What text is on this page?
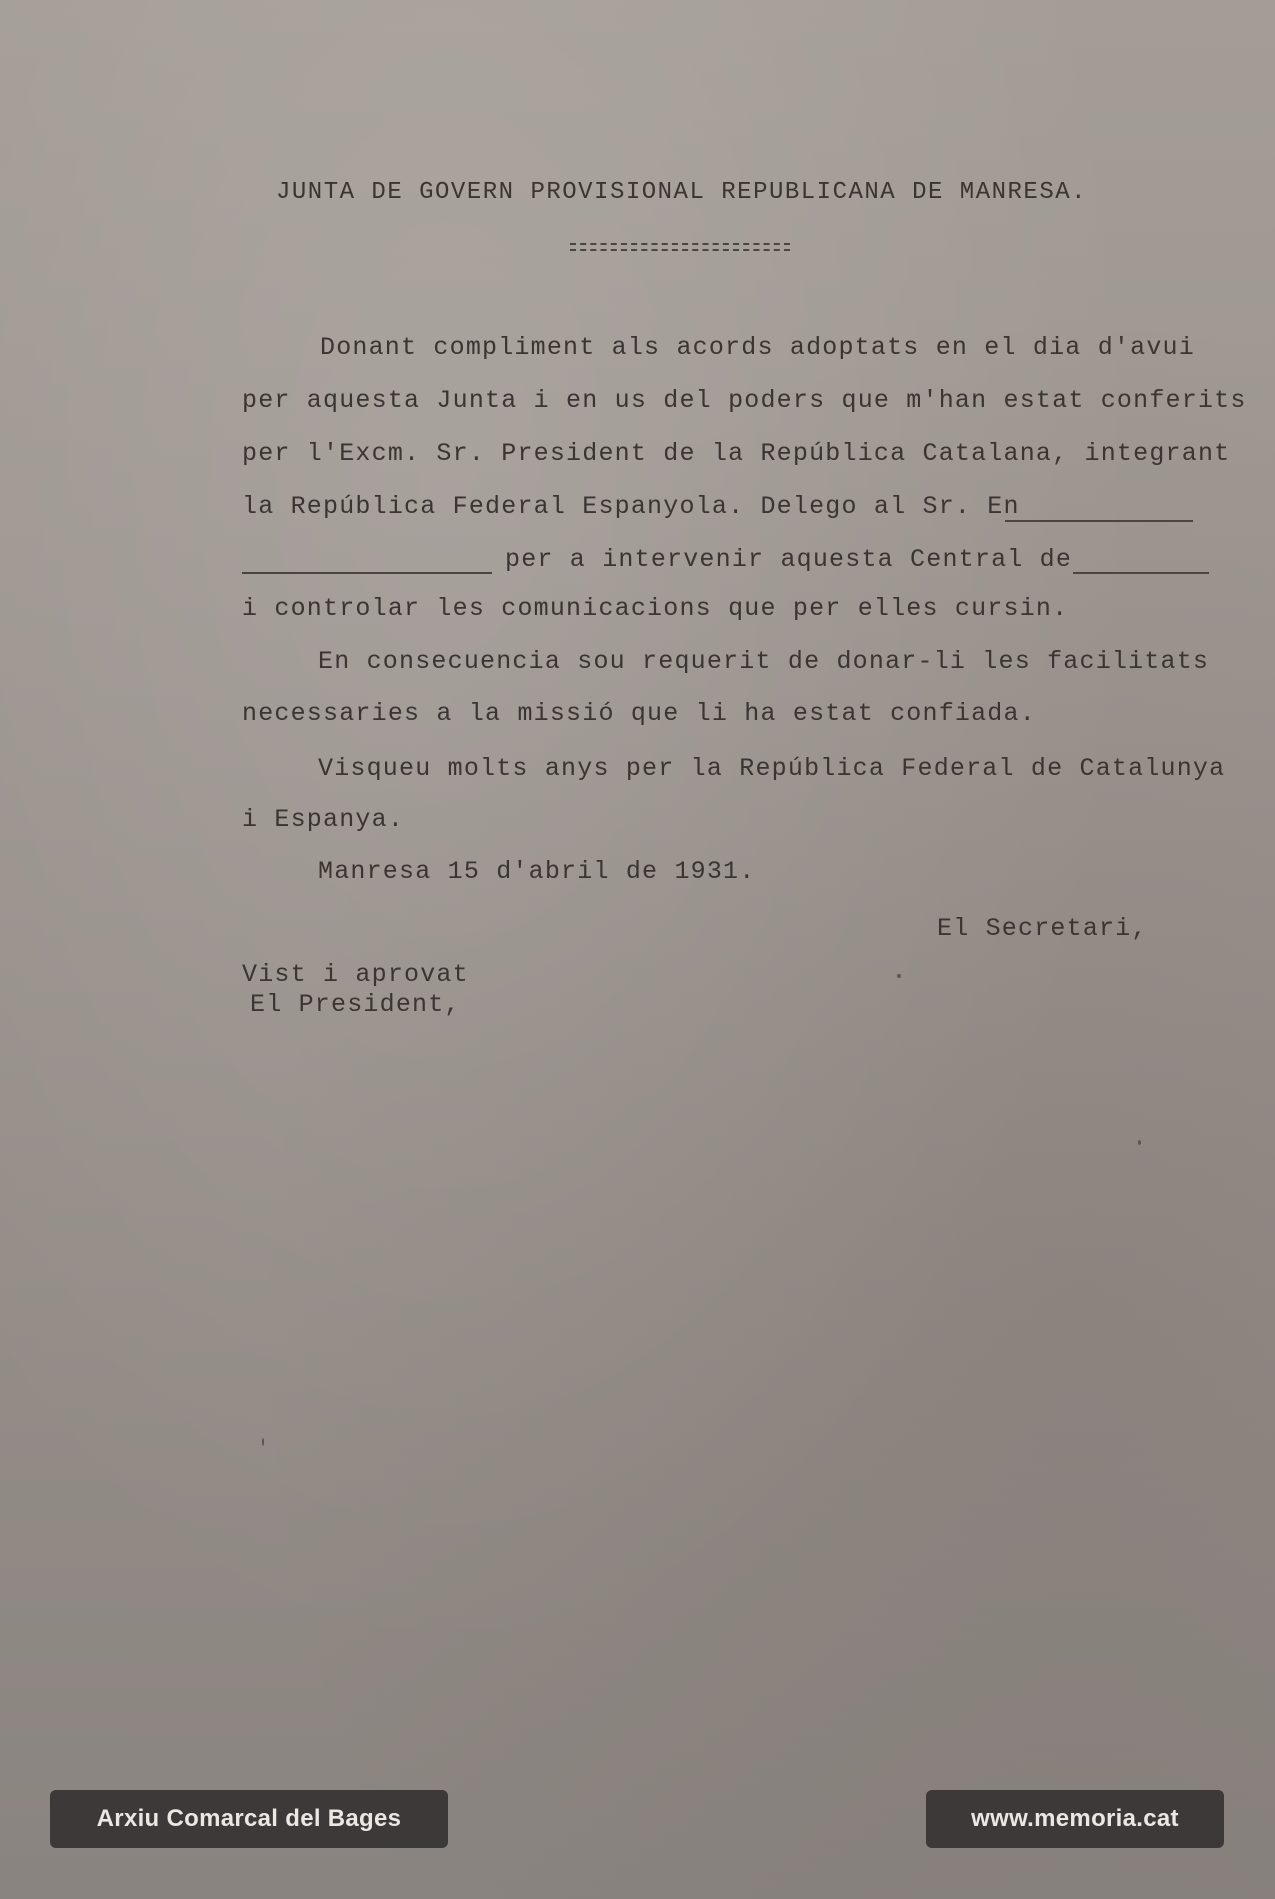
JUNTA DE GOVERN PROVISIONAL REPUBLICANA DE MANRESA.
Donant compliment als acords adoptats en el dia d'avui
per aquesta Junta i en us del poders que m'han estat conferits
per l'Excm. Sr. President de la República Catalana, integrant
la República Federal Espanyola. Delego al Sr. En
per a intervenir aquesta Central de
i controlar les comunicacions que per elles cursin.
En consecuencia sou requerit de donar-li les facilitats
necessaries a la missió que li ha estat confiada.
Visqueu molts anys per la República Federal de Catalunya
i Espanya.
Manresa 15 d'abril de 1931.
El Secretari,
Vist i aprovat
El President,
Arxiu Comarcal del Bages	www.memoria.cat
